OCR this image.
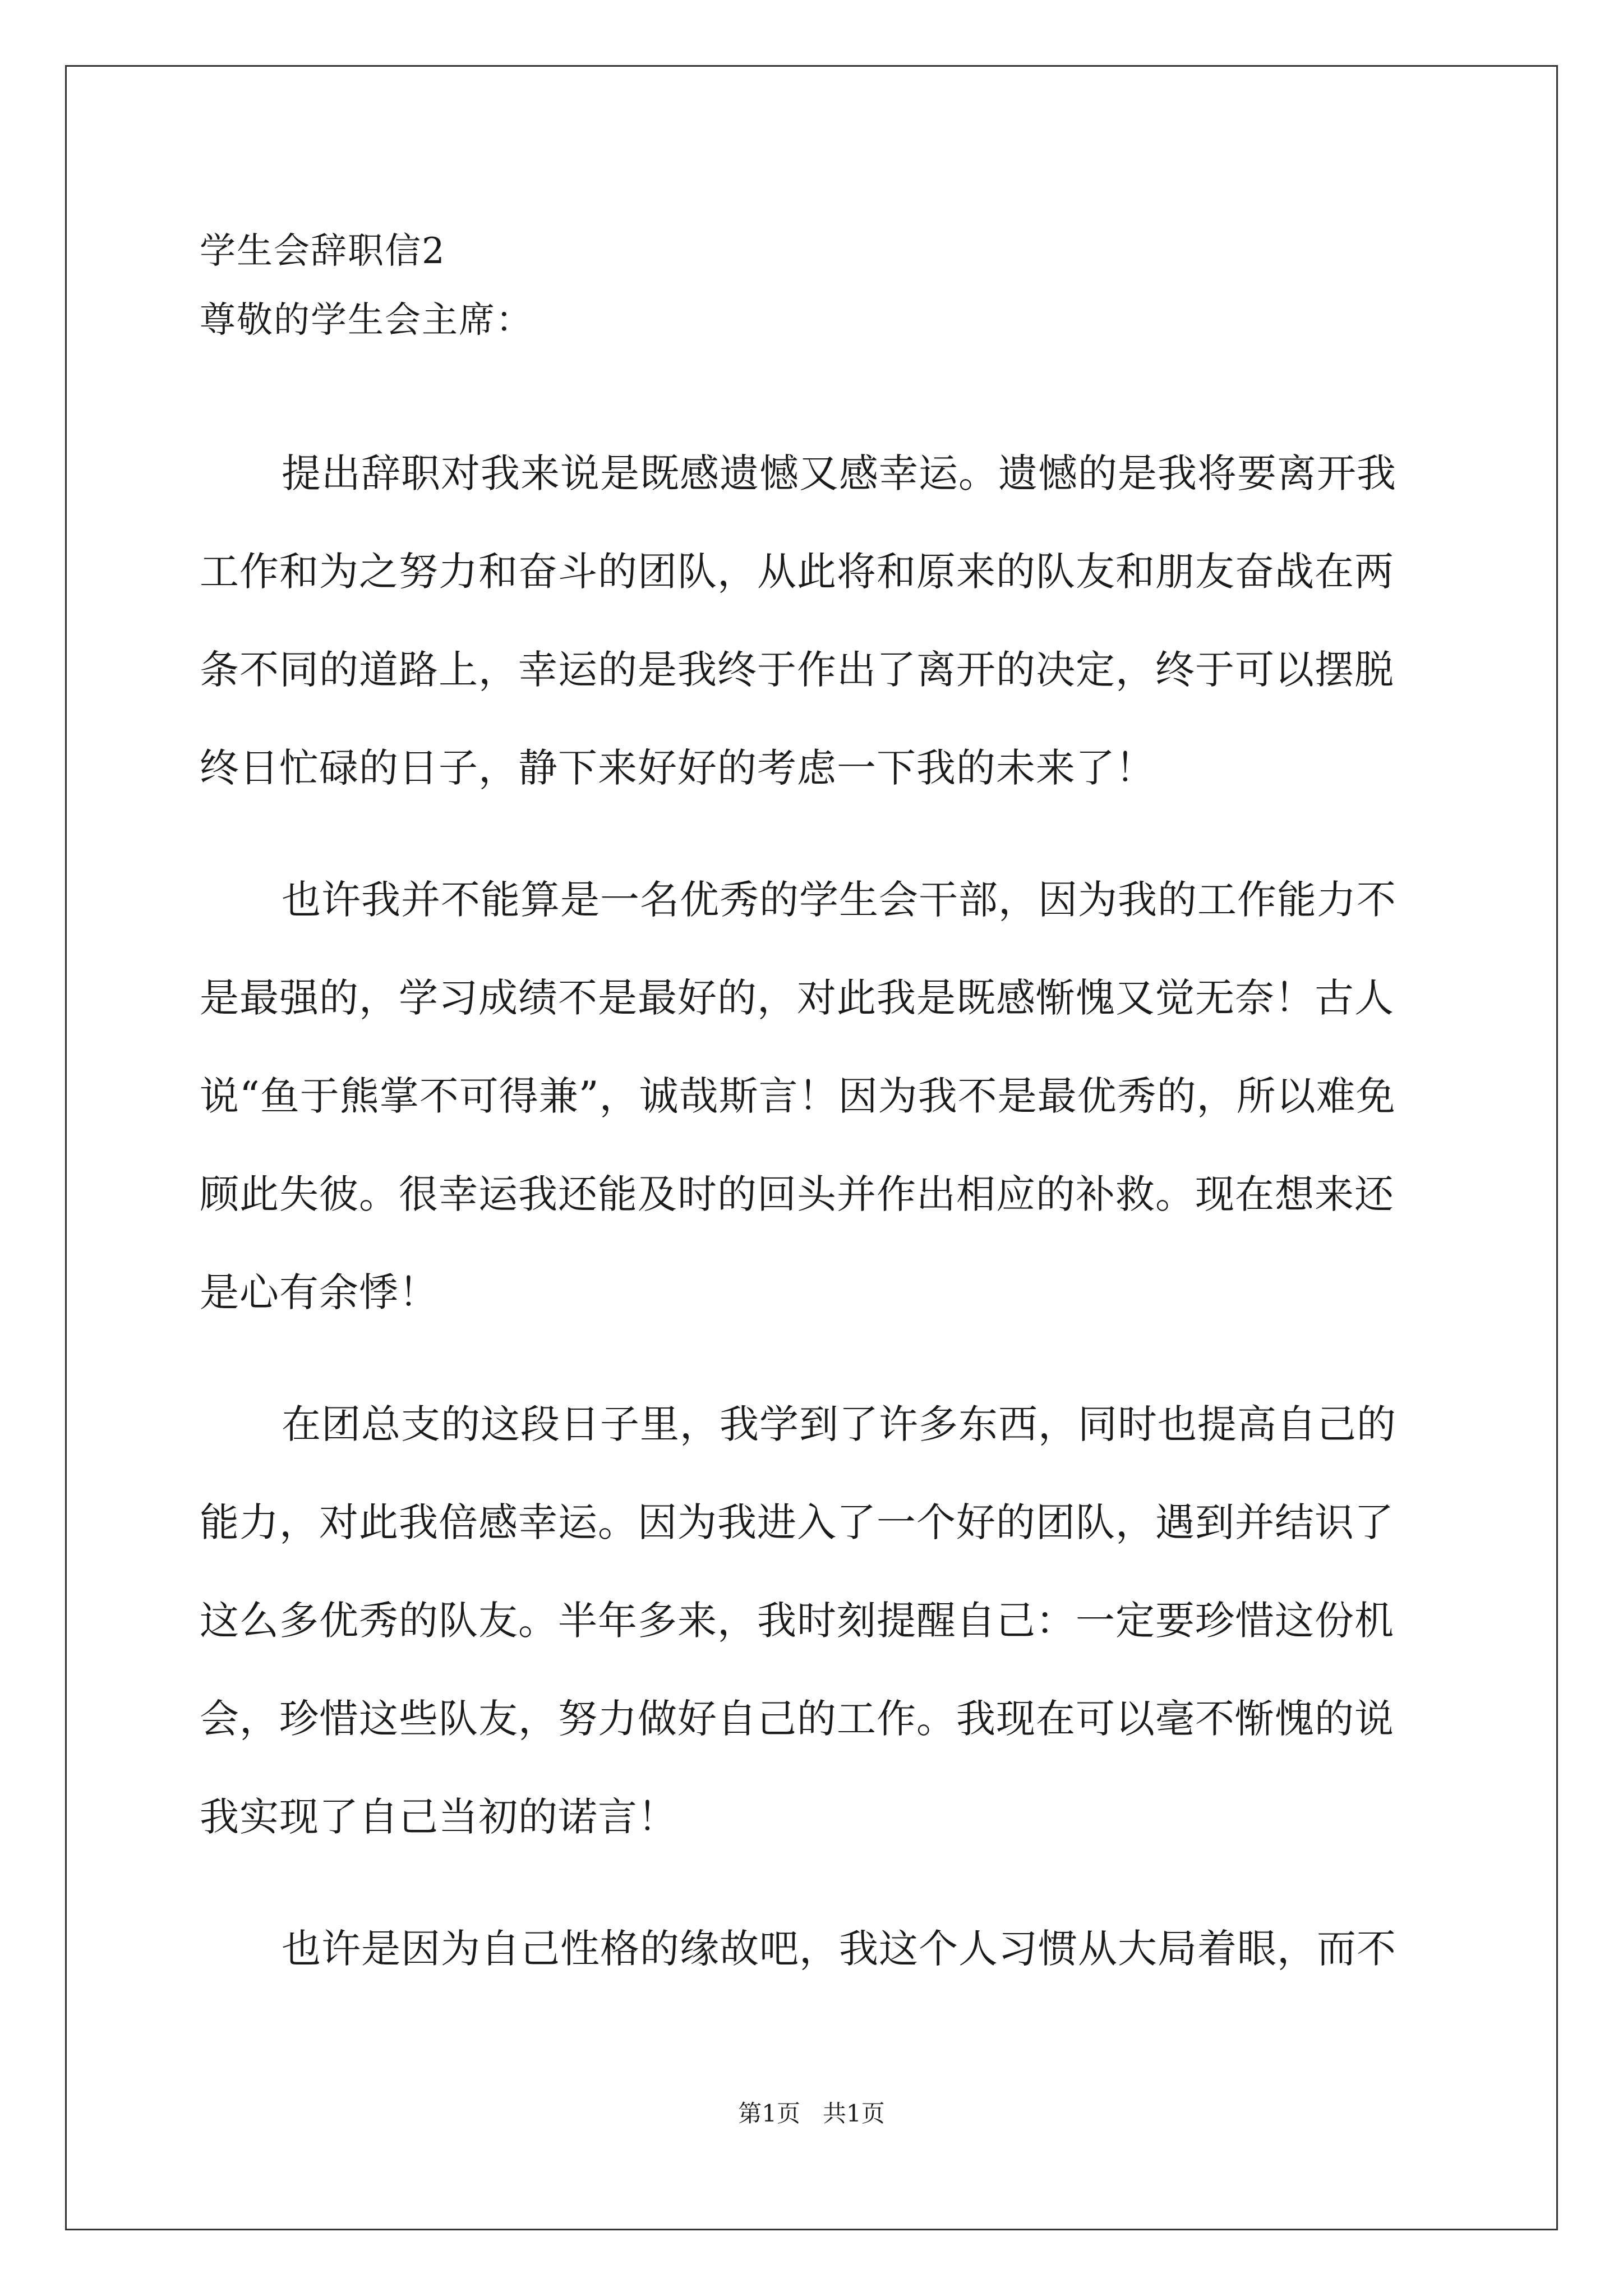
学生会辞职信2
尊敬的学生会主席：
提出辞职对我来说是既感遗憾又感幸运。遗憾的是我将要离开我
工作和为之努力和奋斗的团队，从此将和原来的队友和朋友奋战在两
条不同的道路上，幸运的是我终于作出了离开的决定，终于可以摆脱
终日忙碌的日子，静下来好好的考虑一下我的未来了！
也许我并不能算是一名优秀的学生会干部，因为我的工作能力不
是最强的，学习成绩不是最好的，对此我是既感惭愧又觉无奈！古人
说“鱼于熊掌不可得兼”，诚哉斯言！因为我不是最优秀的，所以难免
顾此失彼。很幸运我还能及时的回头并作出相应的补救。现在想来还
是心有余悸！
在团总支的这段日子里，我学到了许多东西，同时也提高自己的
能力，对此我倍感幸运。因为我进入了一个好的团队，遇到并结识了
这么多优秀的队友。半年多来，我时刻提醒自己：一定要珍惜这份机
会，珍惜这些队友，努力做好自己的工作。我现在可以毫不惭愧的说
我实现了自己当初的诺言！
也许是因为自己性格的缘故吧，我这个人习惯从大局着眼，而不
第1页   共1页
